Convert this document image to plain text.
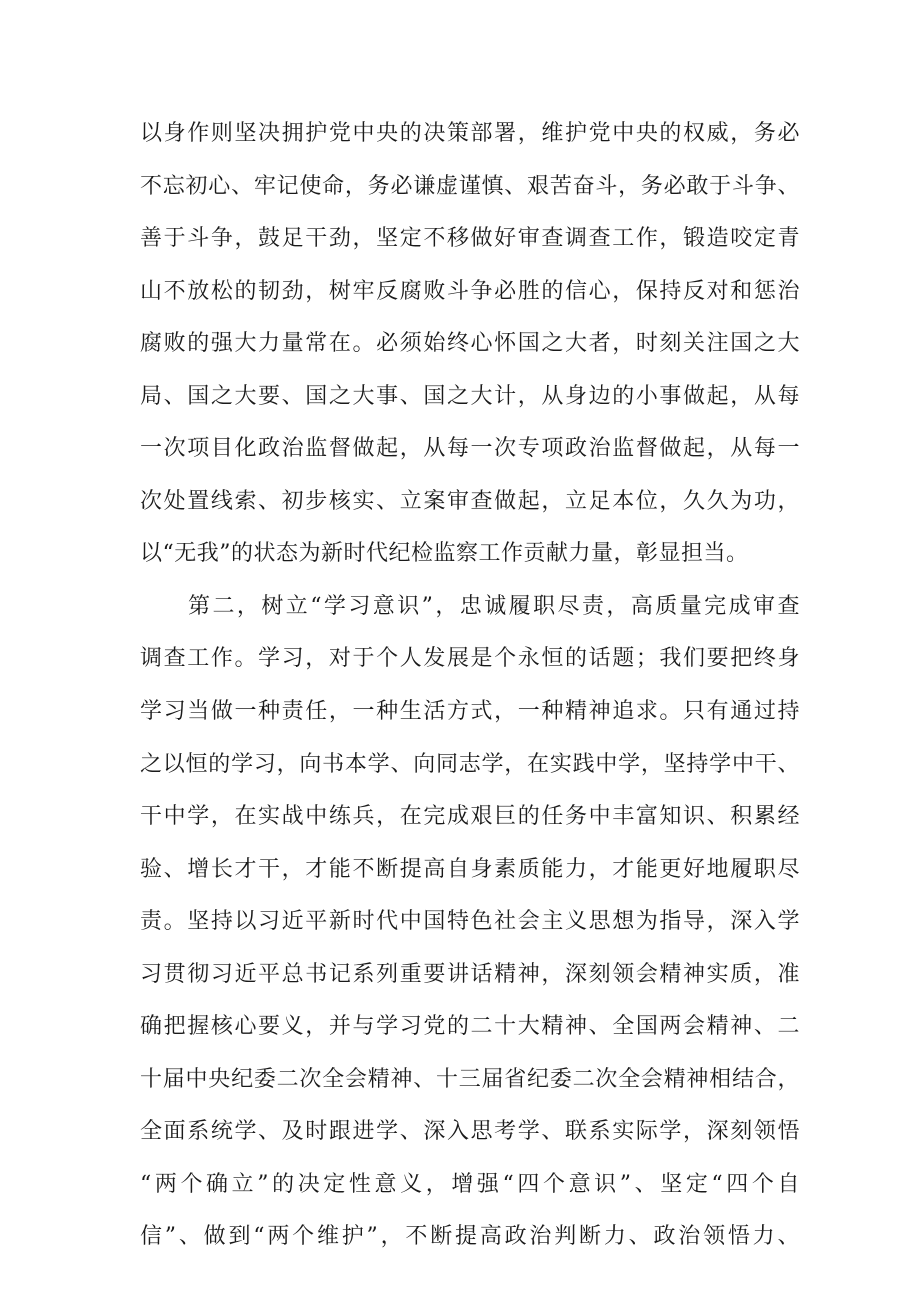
以身作则坚决拥护党中央的决策部署，维护党中央的权威，务必
不忘初心、牢记使命，务必谦虚谨慎、艰苦奋斗，务必敢于斗争、
善于斗争，鼓足干劲，坚定不移做好审查调查工作，锻造咬定青
山不放松的韧劲，树牢反腐败斗争必胜的信心，保持反对和惩治
腐败的强大力量常在。必须始终心怀国之大者，时刻关注国之大
局、国之大要、国之大事、国之大计，从身边的小事做起，从每
一次项目化政治监督做起，从每一次专项政治监督做起，从每一
次处置线索、初步核实、立案审查做起，立足本位，久久为功，
以“无我”的状态为新时代纪检监察工作贡献力量，彰显担当。
第二，树立“学习意识”，忠诚履职尽责，高质量完成审查
调查工作。学习，对于个人发展是个永恒的话题；我们要把终身
学习当做一种责任，一种生活方式，一种精神追求。只有通过持
之以恒的学习，向书本学、向同志学，在实践中学，坚持学中干、
干中学，在实战中练兵，在完成艰巨的任务中丰富知识、积累经
验、增长才干，才能不断提高自身素质能力，才能更好地履职尽
责。坚持以习近平新时代中国特色社会主义思想为指导，深入学
习贯彻习近平总书记系列重要讲话精神，深刻领会精神实质，准
确把握核心要义，并与学习党的二十大精神、全国两会精神、二
十届中央纪委二次全会精神、十三届省纪委二次全会精神相结合，
全面系统学、及时跟进学、深入思考学、联系实际学，深刻领悟
“两个确立”的决定性意义，增强“四个意识”、坚定“四个自
信”、做到“两个维护”，不断提高政治判断力、政治领悟力、
